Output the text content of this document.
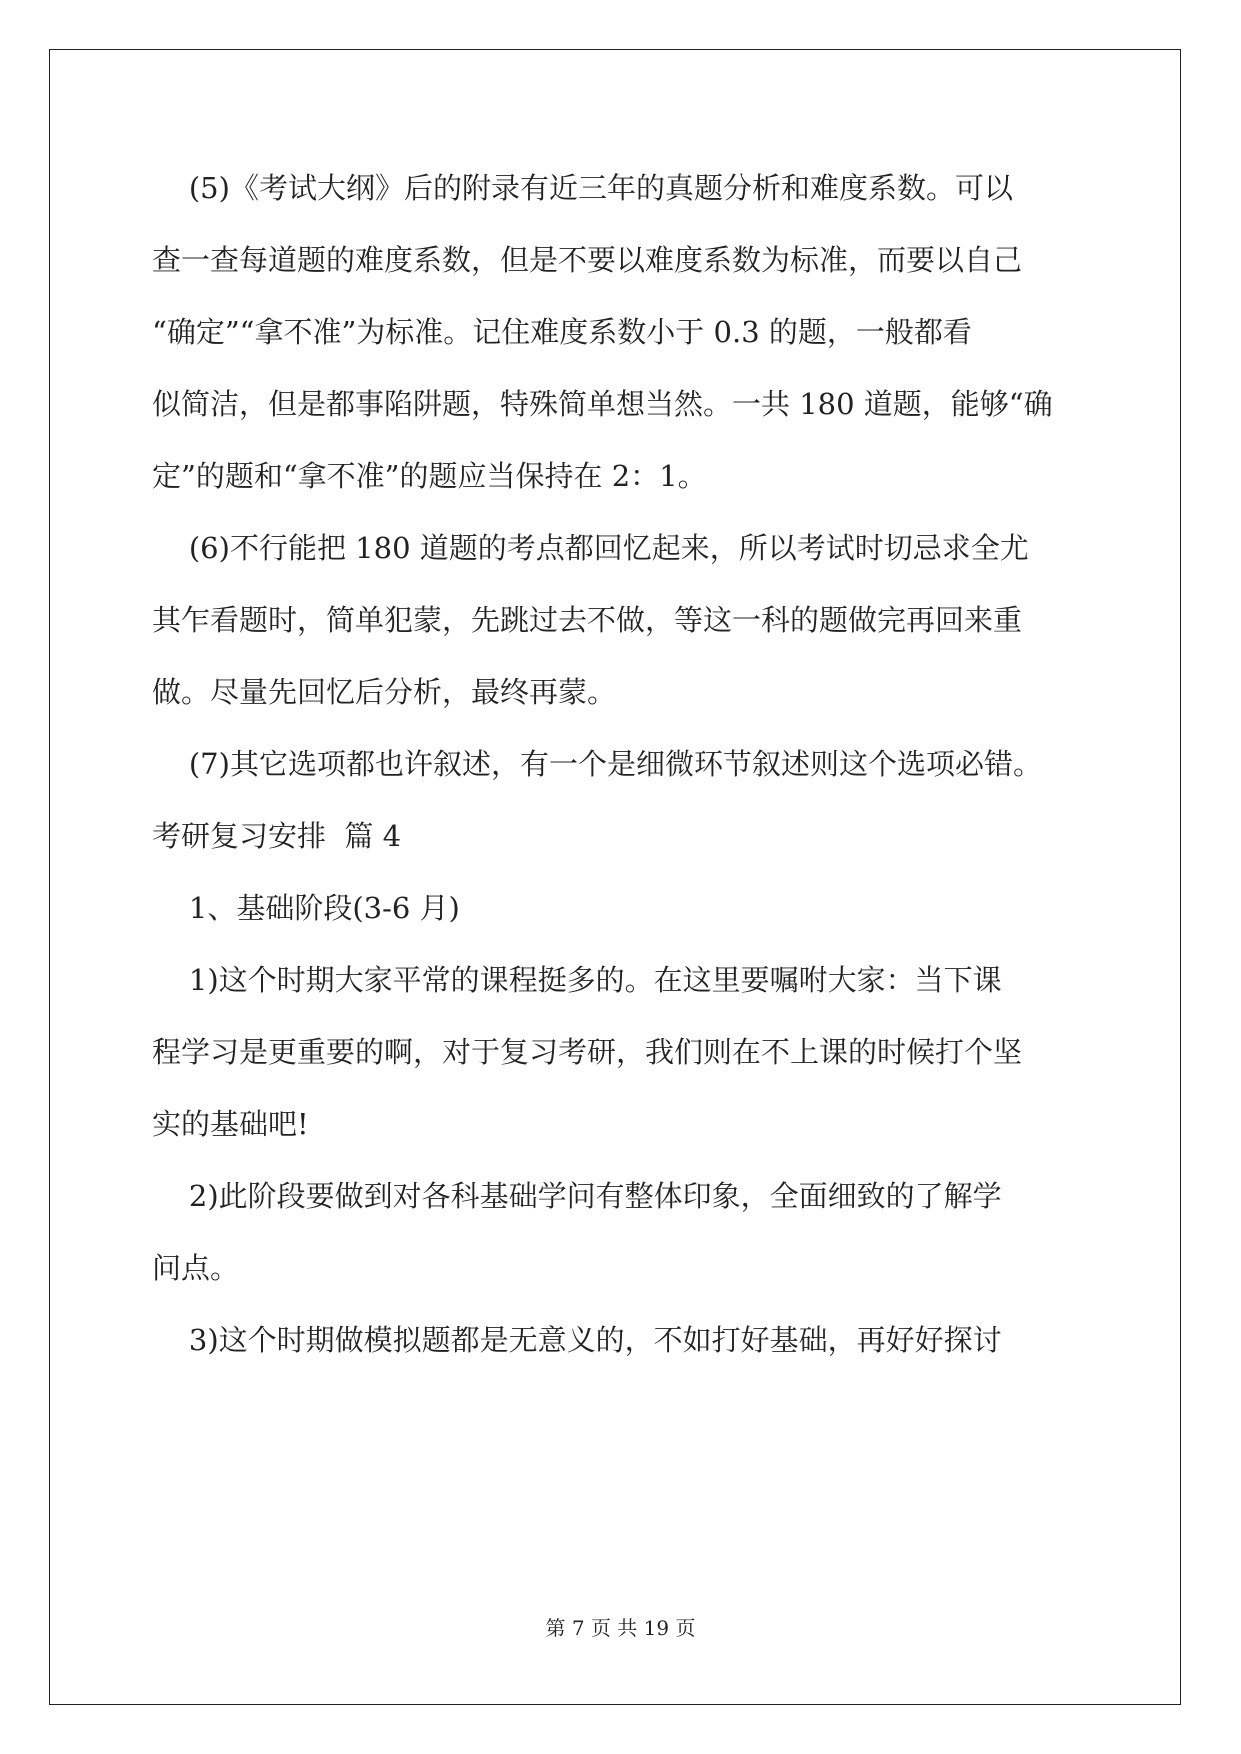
(5)《考试大纲》后的附录有近三年的真题分析和难度系数。可以
查一查每道题的难度系数，但是不要以难度系数为标准，而要以自己
“确定”“拿不准”为标准。记住难度系数小于 0.3 的题，一般都看
似简洁，但是都事陷阱题，特殊简单想当然。一共 180 道题，能够“确
定”的题和“拿不准”的题应当保持在 2：1。
(6)不行能把 180 道题的考点都回忆起来，所以考试时切忌求全尤
其乍看题时，简单犯蒙，先跳过去不做，等这一科的题做完再回来重
做。尽量先回忆后分析，最终再蒙。
(7)其它选项都也许叙述，有一个是细微环节叙述则这个选项必错。
考研复习安排  篇 4
1、基础阶段(3-6 月)
1)这个时期大家平常的课程挺多的。在这里要嘱咐大家：当下课
程学习是更重要的啊，对于复习考研，我们则在不上课的时候打个坚
实的基础吧!
2)此阶段要做到对各科基础学问有整体印象，全面细致的了解学
问点。
3)这个时期做模拟题都是无意义的，不如打好基础，再好好探讨
第 7 页 共 19 页
